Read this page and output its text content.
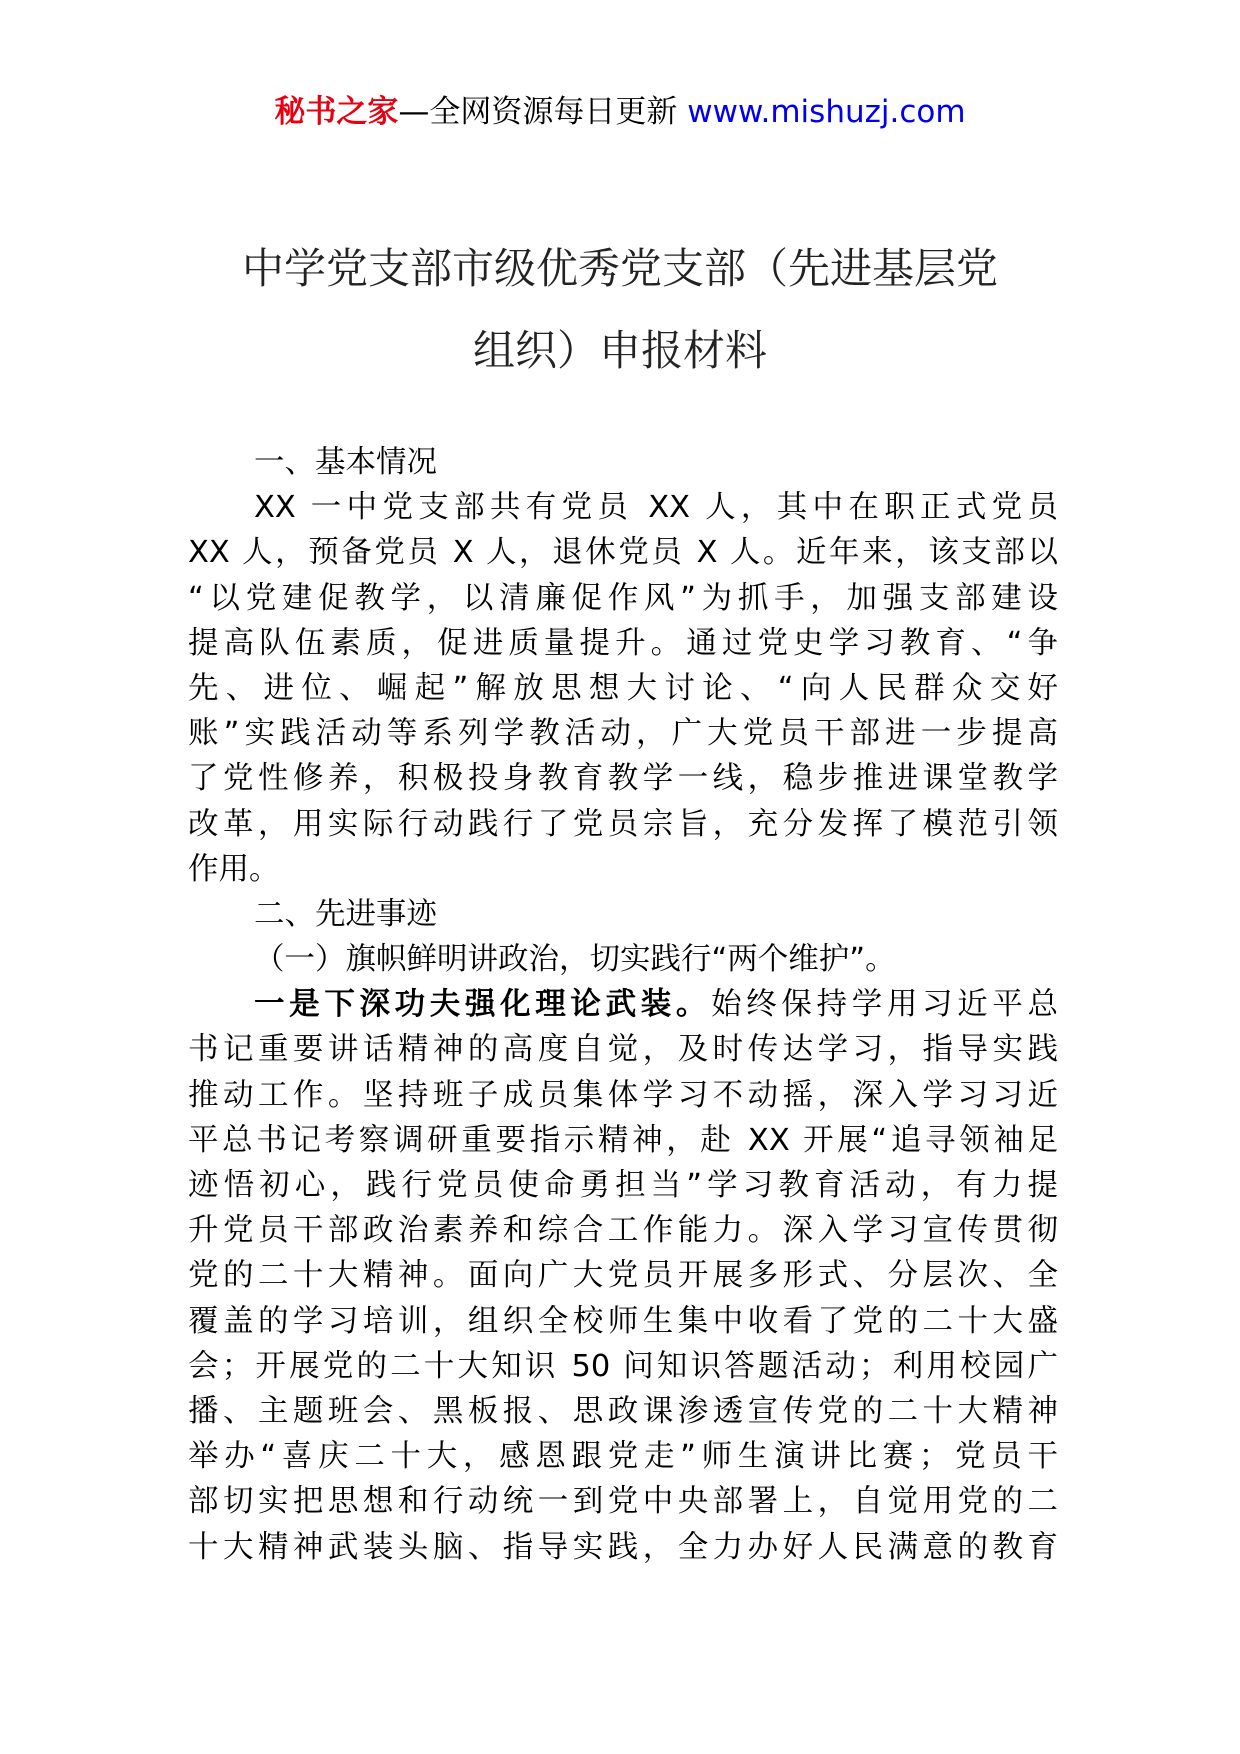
秘书之家—全网资源每日更新 www.mishuzj.com
中学党支部市级优秀党支部（先进基层党
组织）申报材料
一、基本情况
XX 一中党支部共有党员 XX 人，其中在职正式党员
XX 人，预备党员 X 人，退休党员 X 人。近年来，该支部以
“以党建促教学，以清廉促作风”为抓手，加强支部建设
提高队伍素质，促进质量提升。通过党史学习教育、“争
先、进位、崛起”解放思想大讨论、“向人民群众交好
账”实践活动等系列学教活动，广大党员干部进一步提高
了党性修养，积极投身教育教学一线，稳步推进课堂教学
改革，用实际行动践行了党员宗旨，充分发挥了模范引领
作用。
二、先进事迹
（一）旗帜鲜明讲政治，切实践行“两个维护”。
一是下深功夫强化理论武装。始终保持学用习近平总
书记重要讲话精神的高度自觉，及时传达学习，指导实践
推动工作。坚持班子成员集体学习不动摇，深入学习习近
平总书记考察调研重要指示精神，赴 XX 开展“追寻领袖足
迹悟初心，践行党员使命勇担当”学习教育活动，有力提
升党员干部政治素养和综合工作能力。深入学习宣传贯彻
党的二十大精神。面向广大党员开展多形式、分层次、全
覆盖的学习培训，组织全校师生集中收看了党的二十大盛
会；开展党的二十大知识 50 问知识答题活动；利用校园广
播、主题班会、黑板报、思政课渗透宣传党的二十大精神
举办“喜庆二十大，感恩跟党走”师生演讲比赛；党员干
部切实把思想和行动统一到党中央部署上，自觉用党的二
十大精神武装头脑、指导实践，全力办好人民满意的教育
